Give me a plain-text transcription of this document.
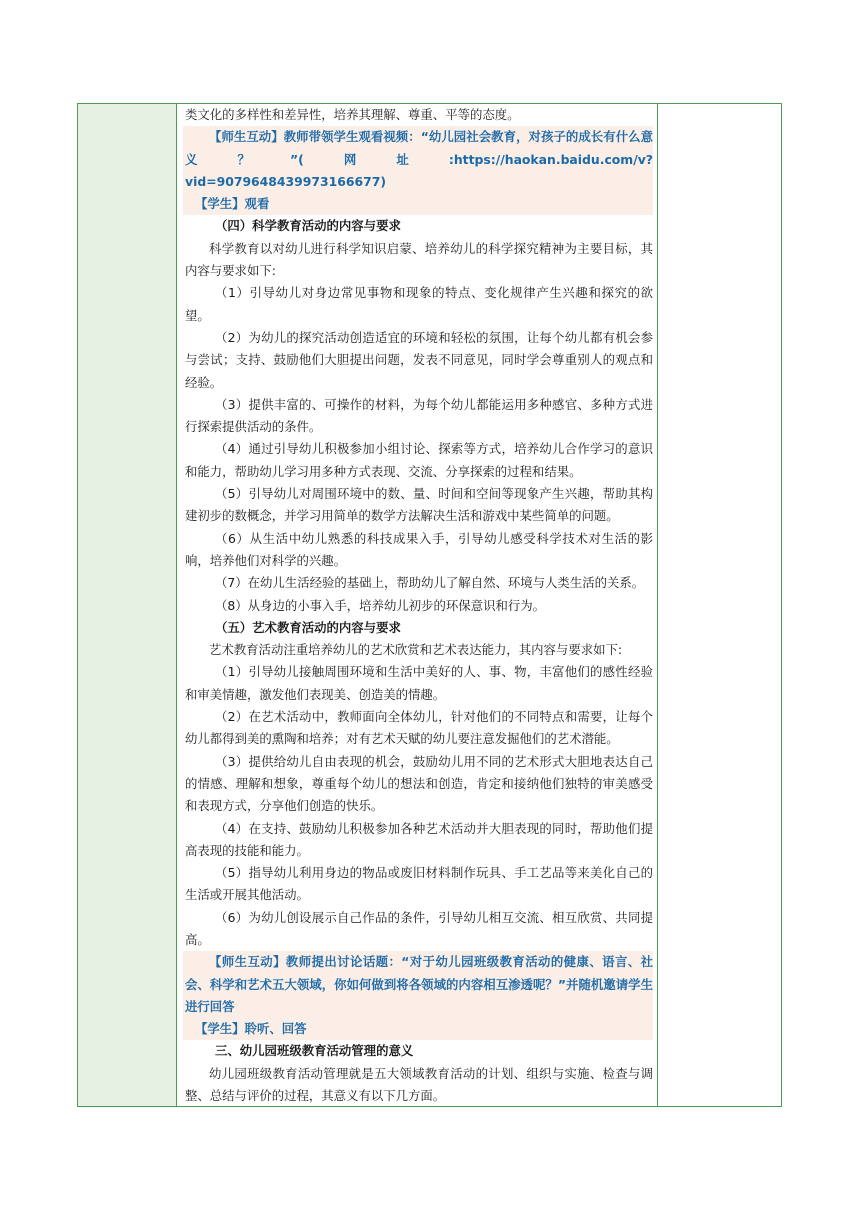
类文化的多样性和差异性，培养其理解、尊重、平等的态度。

【师生互动】教师带领学生观看视频：“幼儿园社会教育，对孩子的成长有什么意义？”(网址:https://haokan.baidu.com/v?vid=9079648439973166677)

【学生】观看

（四）科学教育活动的内容与要求

科学教育以对幼儿进行科学知识启蒙、培养幼儿的科学探究精神为主要目标，其内容与要求如下:

（1）引导幼儿对身边常见事物和现象的特点、变化规律产生兴趣和探究的欲望。

（2）为幼儿的探究活动创造适宜的环境和轻松的氛围，让每个幼儿都有机会参与尝试；支持、鼓励他们大胆提出问题，发表不同意见，同时学会尊重别人的观点和经验。

（3）提供丰富的、可操作的材料，为每个幼儿都能运用多种感官、多种方式进行探索提供活动的条件。

（4）通过引导幼儿积极参加小组讨论、探索等方式，培养幼儿合作学习的意识和能力，帮助幼儿学习用多种方式表现、交流、分享探索的过程和结果。

（5）引导幼儿对周围环境中的数、量、时间和空间等现象产生兴趣，帮助其构建初步的数概念，并学习用简单的数学方法解决生活和游戏中某些简单的问题。

（6）从生活中幼儿熟悉的科技成果入手，引导幼儿感受科学技术对生活的影响，培养他们对科学的兴趣。

（7）在幼儿生活经验的基础上，帮助幼儿了解自然、环境与人类生活的关系。

（8）从身边的小事入手，培养幼儿初步的环保意识和行为。

（五）艺术教育活动的内容与要求

艺术教育活动注重培养幼儿的艺术欣赏和艺术表达能力，其内容与要求如下:

（1）引导幼儿接触周围环境和生活中美好的人、事、物，丰富他们的感性经验和审美情趣，激发他们表现美、创造美的情趣。

（2）在艺术活动中，教师面向全体幼儿，针对他们的不同特点和需要，让每个幼儿都得到美的熏陶和培养；对有艺术天赋的幼儿要注意发掘他们的艺术潜能。

（3）提供给幼儿自由表现的机会，鼓励幼儿用不同的艺术形式大胆地表达自己的情感、理解和想象，尊重每个幼儿的想法和创造，肯定和接纳他们独特的审美感受和表现方式，分享他们创造的快乐。

（4）在支持、鼓励幼儿积极参加各种艺术活动并大胆表现的同时，帮助他们提高表现的技能和能力。

（5）指导幼儿利用身边的物品或废旧材料制作玩具、手工艺品等来美化自己的生活或开展其他活动。

（6）为幼儿创设展示自己作品的条件，引导幼儿相互交流、相互欣赏、共同提高。

【师生互动】教师提出讨论话题：“对于幼儿园班级教育活动的健康、语言、社会、科学和艺术五大领域，你如何做到将各领域的内容相互渗透呢？”并随机邀请学生进行回答

【学生】聆听、回答

三、幼儿园班级教育活动管理的意义

幼儿园班级教育活动管理就是五大领域教育活动的计划、组织与实施、检查与调整、总结与评价的过程，其意义有以下几方面。
